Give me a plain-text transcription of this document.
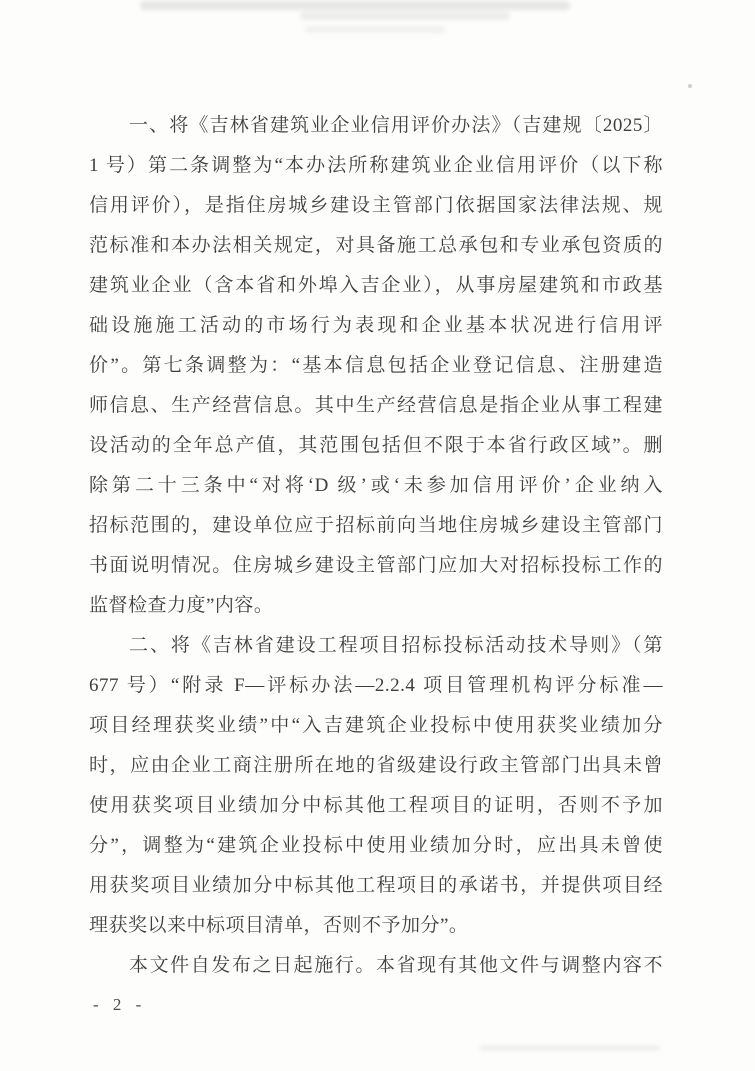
一、将《吉林省建筑业企业信用评价办法》（吉建规〔2025〕
1 号）第二条调整为“本办法所称建筑业企业信用评价（以下称
信用评价），是指住房城乡建设主管部门依据国家法律法规、规
范标准和本办法相关规定，对具备施工总承包和专业承包资质的
建筑业企业（含本省和外埠入吉企业），从事房屋建筑和市政基
础设施施工活动的市场行为表现和企业基本状况进行信用评
价”。第七条调整为：“基本信息包括企业登记信息、注册建造
师信息、生产经营信息。其中生产经营信息是指企业从事工程建
设活动的全年总产值，其范围包括但不限于本省行政区域”。删
除第二十三条中“对将‘D 级’或‘未参加信用评价’企业纳入
招标范围的，建设单位应于招标前向当地住房城乡建设主管部门
书面说明情况。住房城乡建设主管部门应加大对招标投标工作的
监督检查力度”内容。
二、将《吉林省建设工程项目招标投标活动技术导则》（第
677 号）“附录 F—评标办法—2.2.4 项目管理机构评分标准—
项目经理获奖业绩”中“入吉建筑企业投标中使用获奖业绩加分
时，应由企业工商注册所在地的省级建设行政主管部门出具未曾
使用获奖项目业绩加分中标其他工程项目的证明，否则不予加
分”，调整为“建筑企业投标中使用业绩加分时，应出具未曾使
用获奖项目业绩加分中标其他工程项目的承诺书，并提供项目经
理获奖以来中标项目清单，否则不予加分”。
本文件自发布之日起施行。本省现有其他文件与调整内容不
- 2 -
